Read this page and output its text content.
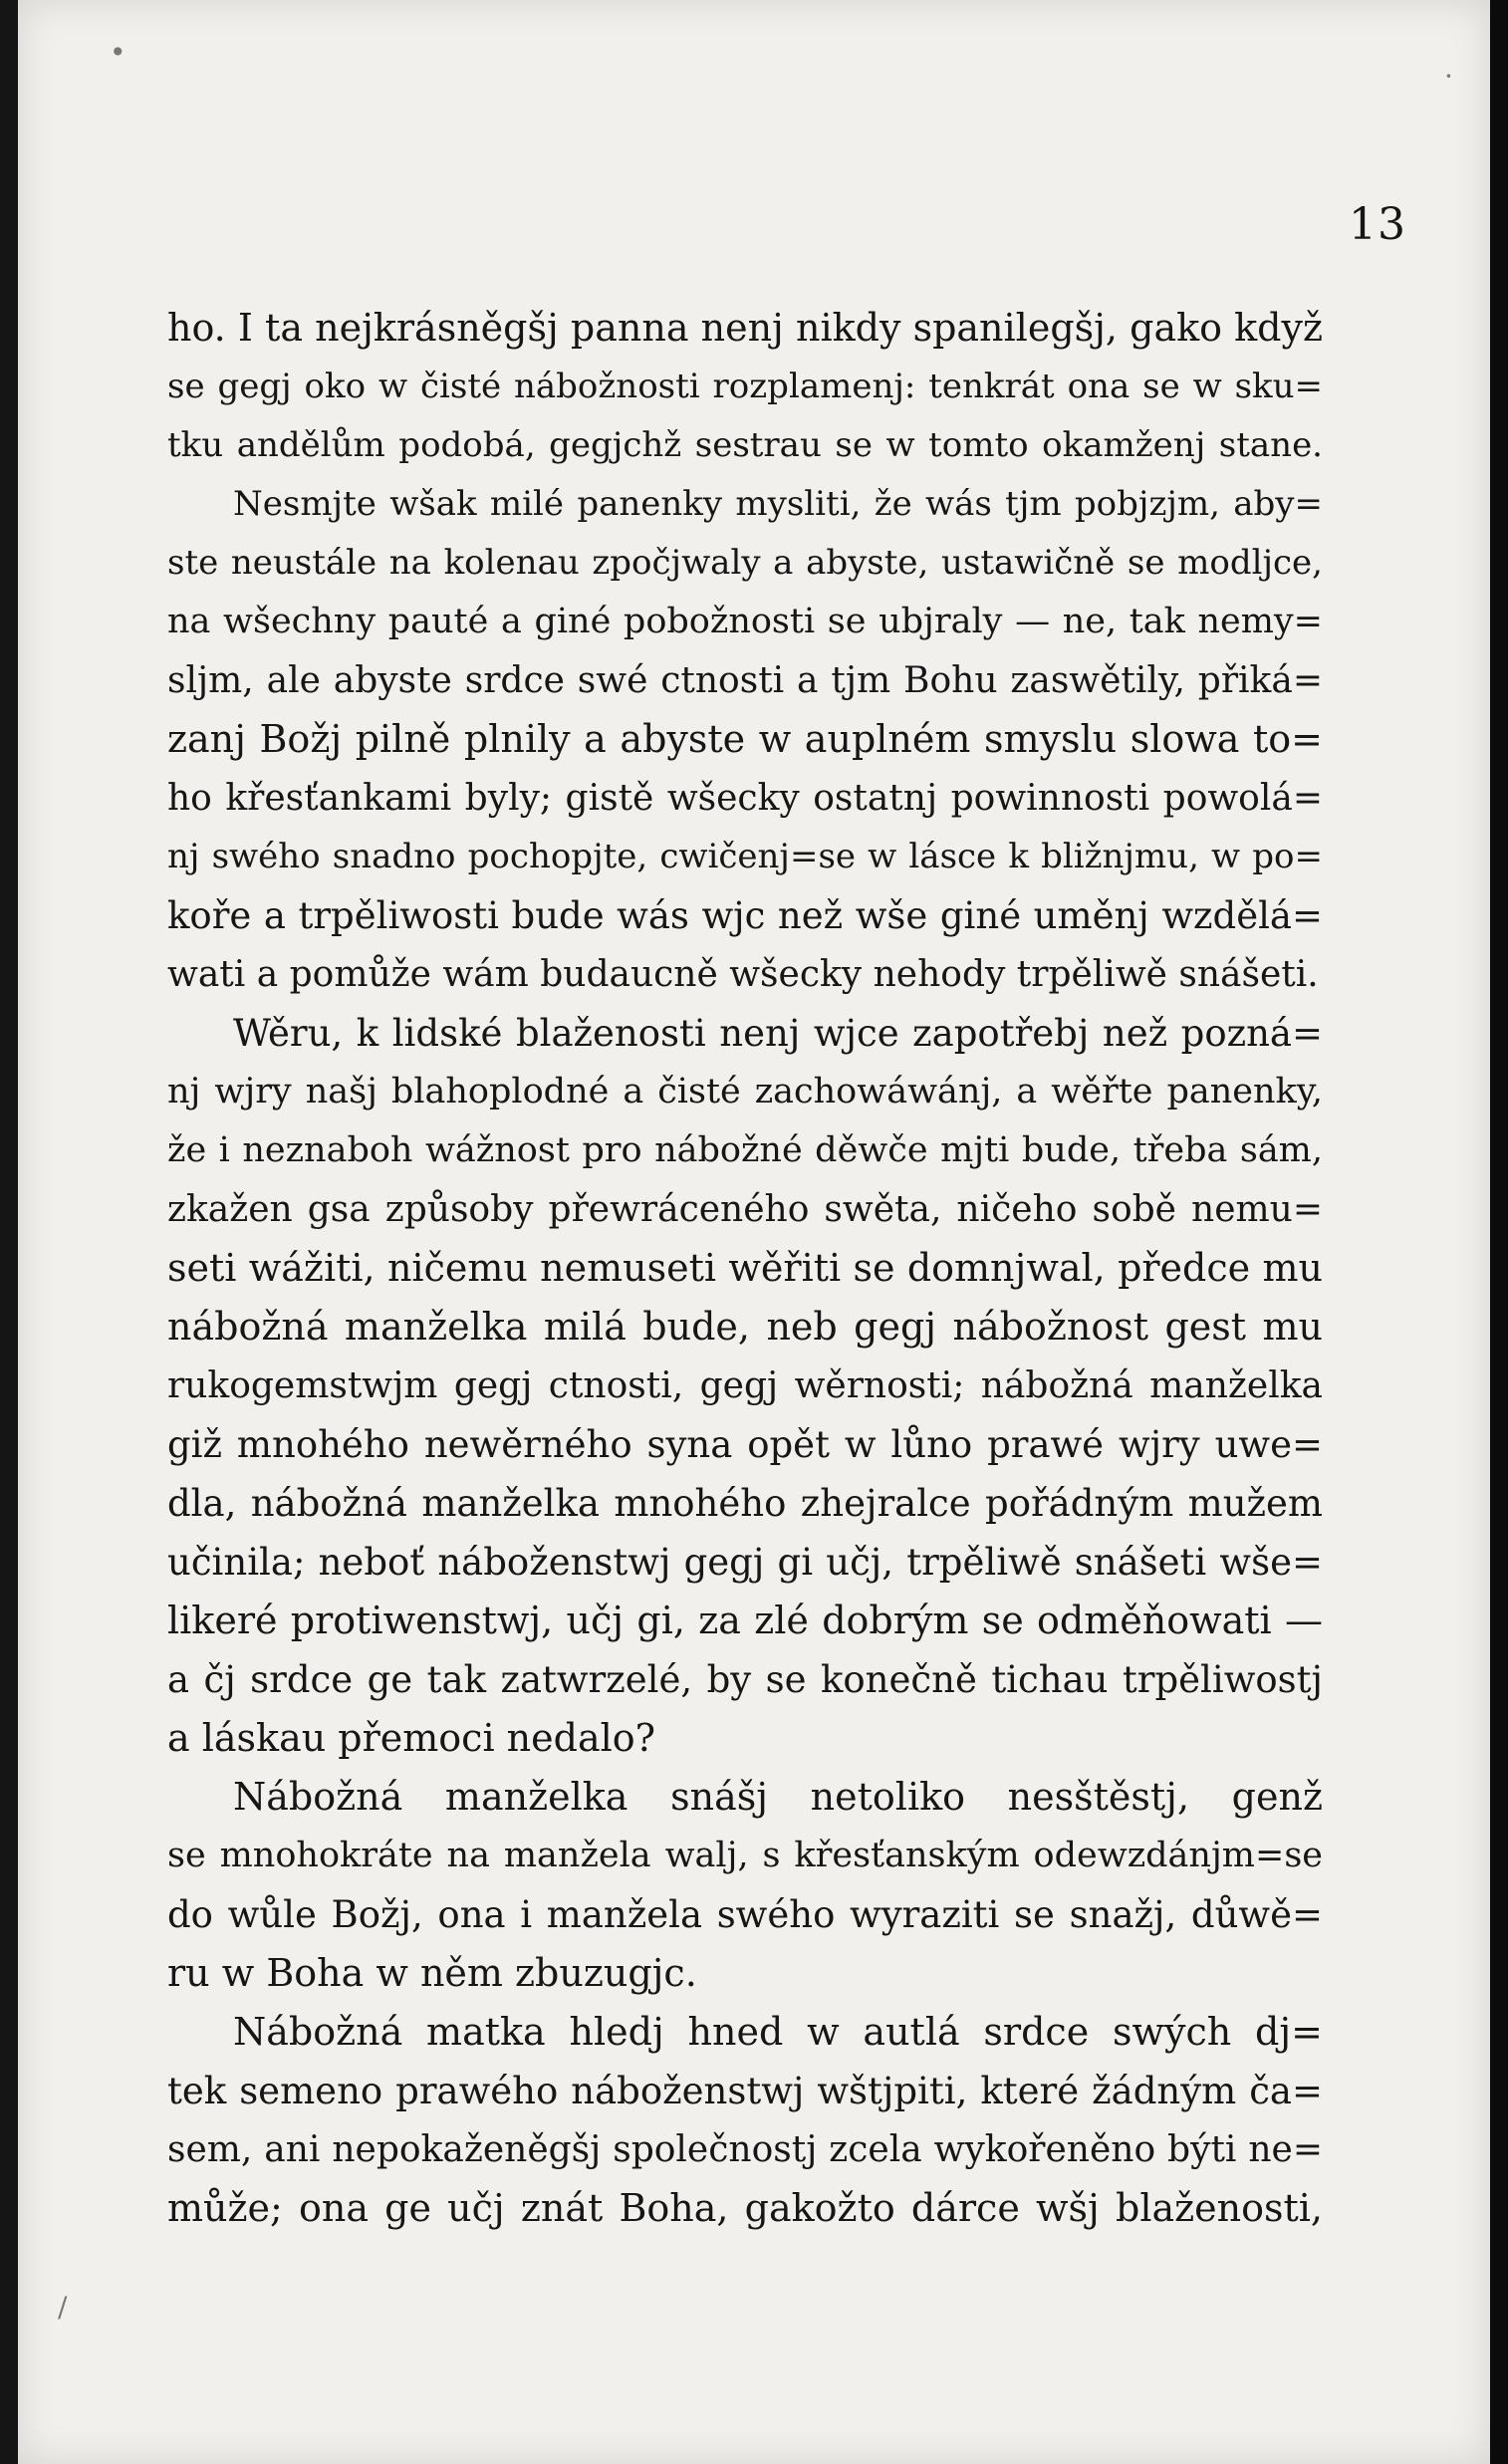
13
ho. I ta nejkrásněgšj panna nenj nikdy spanilegšj, gako když
se gegj oko w čisté nábožnosti rozplamenj: tenkrát ona se w sku=
tku andělům podobá, gegjchž sestrau se w tomto okamženj stane.
Nesmjte wšak milé panenky mysliti, že wás tjm pobjzjm, aby=
ste neustále na kolenau zpočjwaly a abyste, ustawičně se modljce,
na wšechny pauté a giné pobožnosti se ubjraly — ne, tak nemy=
sljm, ale abyste srdce swé ctnosti a tjm Bohu zaswětily, přiká=
zanj Božj pilně plnily a abyste w auplném smyslu slowa to=
ho křesťankami byly; gistě wšecky ostatnj powinnosti powolá=
nj swého snadno pochopjte, cwičenj=se w lásce k bližnjmu, w po=
koře a trpěliwosti bude wás wjc než wše giné uměnj wzdělá=
wati a pomůže wám budaucně wšecky nehody trpěliwě snášeti.
Wěru, k lidské blaženosti nenj wjce zapotřebj než pozná=
nj wjry našj blahoplodné a čisté zachowáwánj, a wěřte panenky,
že i neznaboh wážnost pro nábožné děwče mjti bude, třeba sám,
zkažen gsa způsoby přewráceného swěta, ničeho sobě nemu=
seti wážiti, ničemu nemuseti wěřiti se domnjwal, předce mu
nábožná manželka milá bude, neb gegj nábožnost gest mu
rukogemstwjm gegj ctnosti, gegj wěrnosti; nábožná manželka
giž mnohého newěrného syna opět w lůno prawé wjry uwe=
dla, nábožná manželka mnohého zhejralce pořádným mužem
učinila; neboť náboženstwj gegj gi učj, trpěliwě snášeti wše=
likeré protiwenstwj, učj gi, za zlé dobrým se odměňowati —
a čj srdce ge tak zatwrzelé, by se konečně tichau trpěliwostj
a láskau přemoci nedalo?
Nábožná manželka snášj netoliko nesštěstj, genž
se mnohokráte na manžela walj, s křesťanským odewzdánjm=se
do wůle Božj, ona i manžela swého wyraziti se snažj, důwě=
ru w Boha w něm zbuzugjc.
Nábožná matka hledj hned w autlá srdce swých dj=
tek semeno prawého náboženstwj wštjpiti, které žádným ča=
sem, ani nepokaženěgšj společnostj zcela wykořeněno býti ne=
může; ona ge učj znát Boha, gakožto dárce wšj blaženosti,
•
·
/
